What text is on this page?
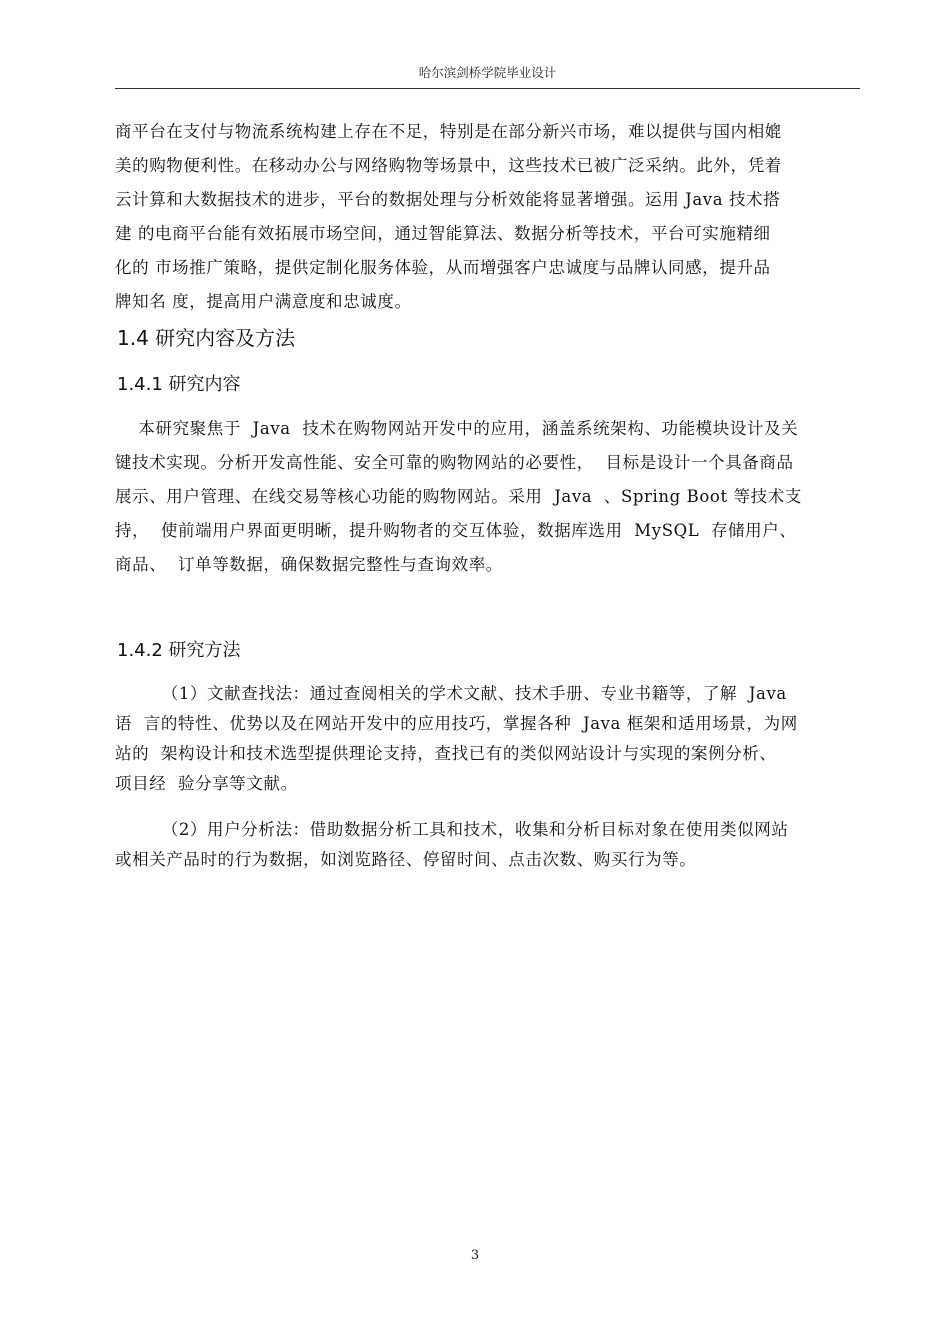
哈尔滨剑桥学院毕业设计

商平台在支付与物流系统构建上存在不足，特别是在部分新兴市场，难以提供与国内相媲
美的购物便利性。在移动办公与网络购物等场景中，这些技术已被广泛采纳。此外，凭着
云计算和大数据技术的进步，平台的数据处理与分析效能将显著增强。运用 Java 技术搭
建 的电商平台能有效拓展市场空间，通过智能算法、数据分析等技术，平台可实施精细
化的 市场推广策略，提供定制化服务体验，从而增强客户忠诚度与品牌认同感，提升品
牌知名 度，提高用户满意度和忠诚度。

1.4 研究内容及方法
1.4.1 研究内容

本研究聚焦于  Java  技术在购物网站开发中的应用，涵盖系统架构、功能模块设计及关
键技术实现。分析开发高性能、安全可靠的购物网站的必要性，  目标是设计一个具备商品
展示、用户管理、在线交易等核心功能的购物网站。采用  Java  、Spring Boot 等技术支
持，  使前端用户界面更明晰，提升购物者的交互体验，数据库选用  MySQL  存储用户、
商品、  订单等数据，确保数据完整性与查询效率。

1.4.2 研究方法

（1）文献查找法：通过查阅相关的学术文献、技术手册、专业书籍等，了解  Java
语  言的特性、优势以及在网站开发中的应用技巧，掌握各种  Java 框架和适用场景，为网
站的  架构设计和技术选型提供理论支持，查找已有的类似网站设计与实现的案例分析、
项目经  验分享等文献。

（2）用户分析法：借助数据分析工具和技术，收集和分析目标对象在使用类似网站
或相关产品时的行为数据，如浏览路径、停留时间、点击次数、购买行为等。

3
